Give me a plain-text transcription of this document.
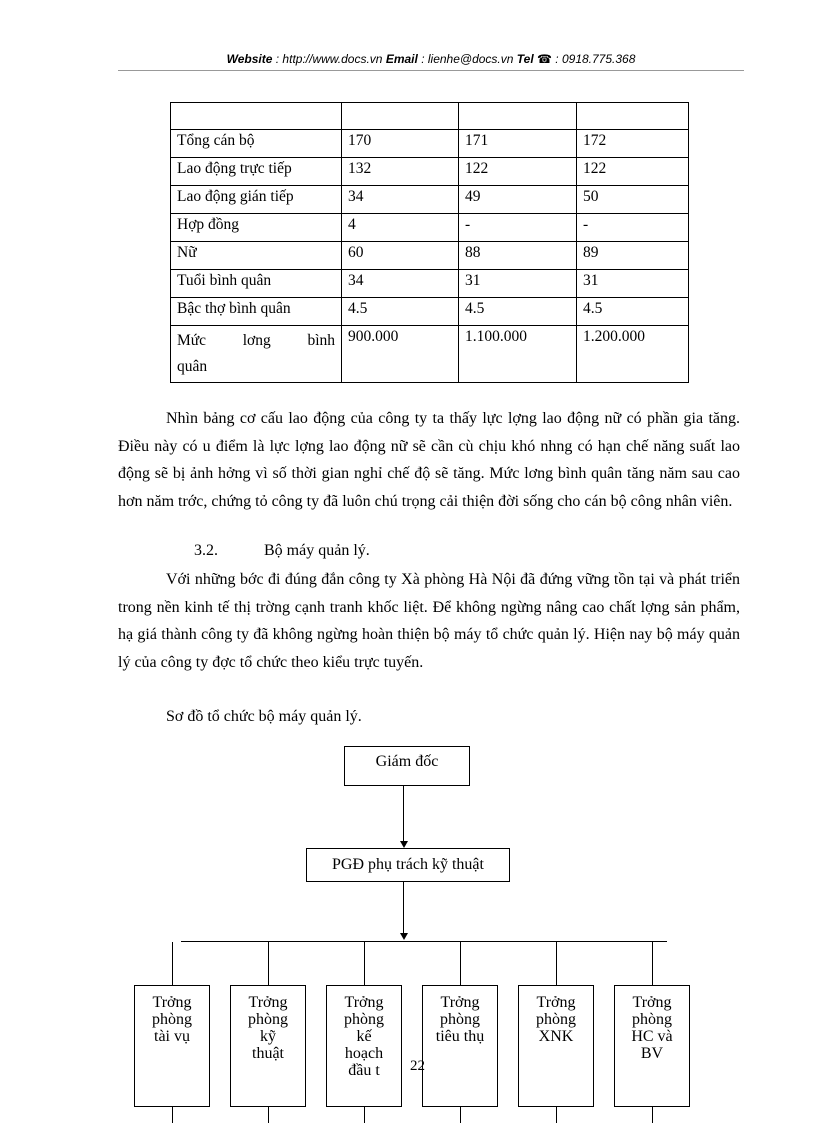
Website : http://www.docs.vn Email : lienhe@docs.vn Tel ☎ : 0918.775.368

Tổng cán bộ	170	171	172
Lao động trực tiếp	132	122	122
Lao động gián tiếp	34	49	50
Hợp đồng	4	-	-
Nữ	60	88	89
Tuổi bình quân	34	31	31
Bậc thợ bình quân	4.5	4.5	4.5
Mức lơng bình
quân	900.000	1.100.000	1.200.000
Nhìn bảng cơ cấu lao động của công ty ta thấy lực lợng lao động nữ có phần gia tăng. Điều này có u điểm là lực lợng lao động nữ sẽ cần cù chịu khó nhng có hạn chế năng suất lao động sẽ bị ảnh hởng vì số thời gian nghỉ chế độ sẽ tăng. Mức lơng bình quân tăng năm sau cao hơn năm trớc, chứng tỏ công ty đã luôn chú trọng cải thiện đời sống cho cán bộ công nhân viên.
3.2.	Bộ máy quản lý.
Với những bớc đi đúng đắn công ty Xà phòng Hà Nội đã đứng vững tồn tại và phát triển trong nền kinh tế thị trờng cạnh tranh khốc liệt. Để không ngừng nâng cao chất lợng sản phẩm, hạ giá thành công ty đã không ngừng hoàn thiện bộ máy tổ chức quản lý. Hiện nay bộ máy quản lý của công ty đợc tổ chức theo kiểu trực tuyến.
Sơ đồ tổ chức bộ máy quản lý.
Giám đốc
PGĐ phụ trách kỹ thuật
Trởng
phòng
tài vụ
Trởng
phòng
kỹ
thuật
Trởng
phòng
kế
hoạch
đầu t
Trởng
phòng
tiêu thụ
Trởng
phòng
XNK
Trởng
phòng
HC và
BV
22
